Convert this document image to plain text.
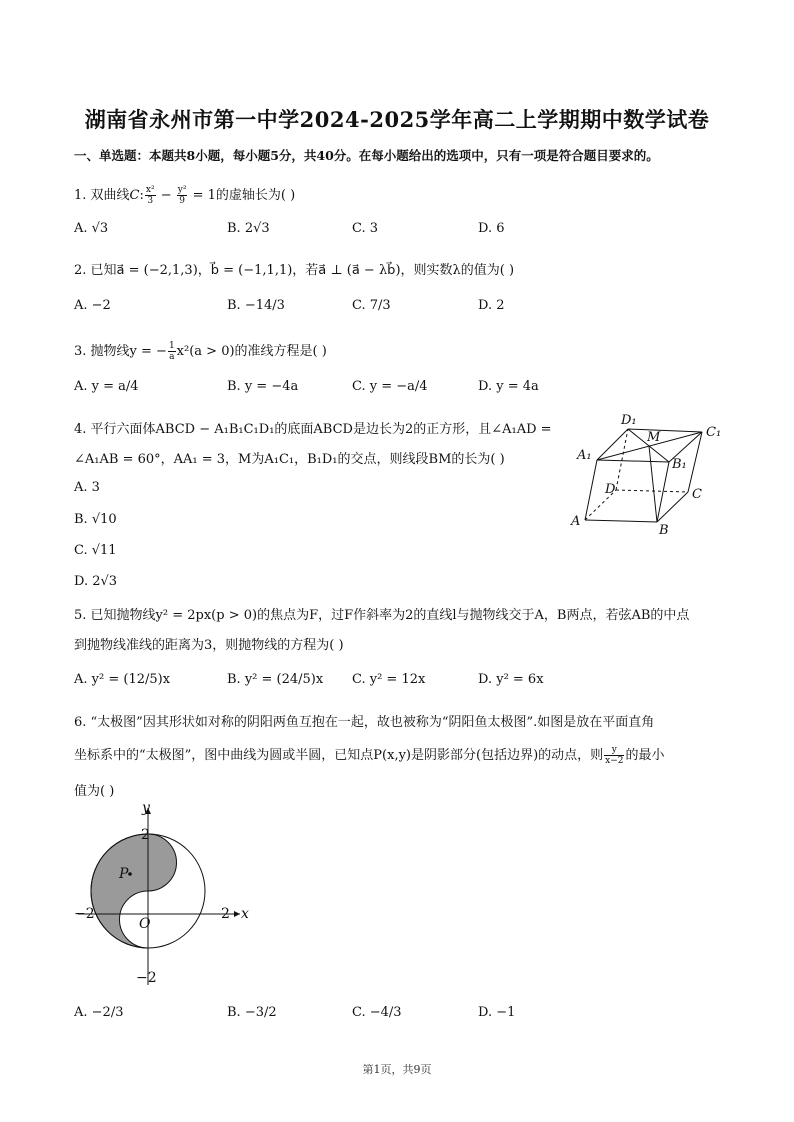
湖南省永州市第一中学2024-2025学年高二上学期期中数学试卷
一、单选题：本题共8小题，每小题5分，共40分。在每小题给出的选项中，只有一项是符合题目要求的。
1. 双曲线C: $\frac{\text{x²}}{3} - \frac{\text{y²}}{9} = 1$的虚轴长为( )
A. √3	B. 2√3	C. 3	D. 6
2. 已知a⃗ = (−2,1,3)，b⃗ = (−1,1,1)，若a⃗ ⊥ (a⃗ − λb⃗)，则实数λ的值为( )
A. −2	B. −14/3	C. 7/3	D. 2
3. 抛物线y = − $\frac{1}{a} x^2(a > 0)$的准线方程是( )
A. y = a/4	B. y = −4a	C. y = −a/4	D. y = 4a
4. 平行六面体ABCD − A₁B₁C₁D₁的底面ABCD是边长为2的正方形，且∠A₁AD =
∠A₁AB = 60°，AA₁ = 3，M为A₁C₁，B₁D₁的交点，则线段BM的长为( )
A. 3
B. √10
C. √11
D. 2√3
D₁
M	C₁
A₁
B₁
D	C
A
B
5. 已知抛物线y² = 2px(p > 0)的焦点为F，过F作斜率为2的直线l与抛物线交于A，B两点，若弦AB的中点
到抛物线准线的距离为3，则抛物线的方程为( )
A. y² = (12/5)x	B. y² = (24/5)x C. y² = 12x	D. y² = 6x
6. “太极图”因其形状如对称的阴阳两鱼互抱在一起，故也被称为“阴阳鱼太极图”.如图是放在平面直角
坐标系中的“太极图”，图中曲线为圆或半圆，已知点P(x,y)是阴影部分(包括边界)的动点，则 $\frac{y}{x-2}$ 的最小
值为( )
y
x
2
−2
−2	2
O
P
A. −2/3	B. −3/2	C. −4/3	D. −1
第1页，共9页
